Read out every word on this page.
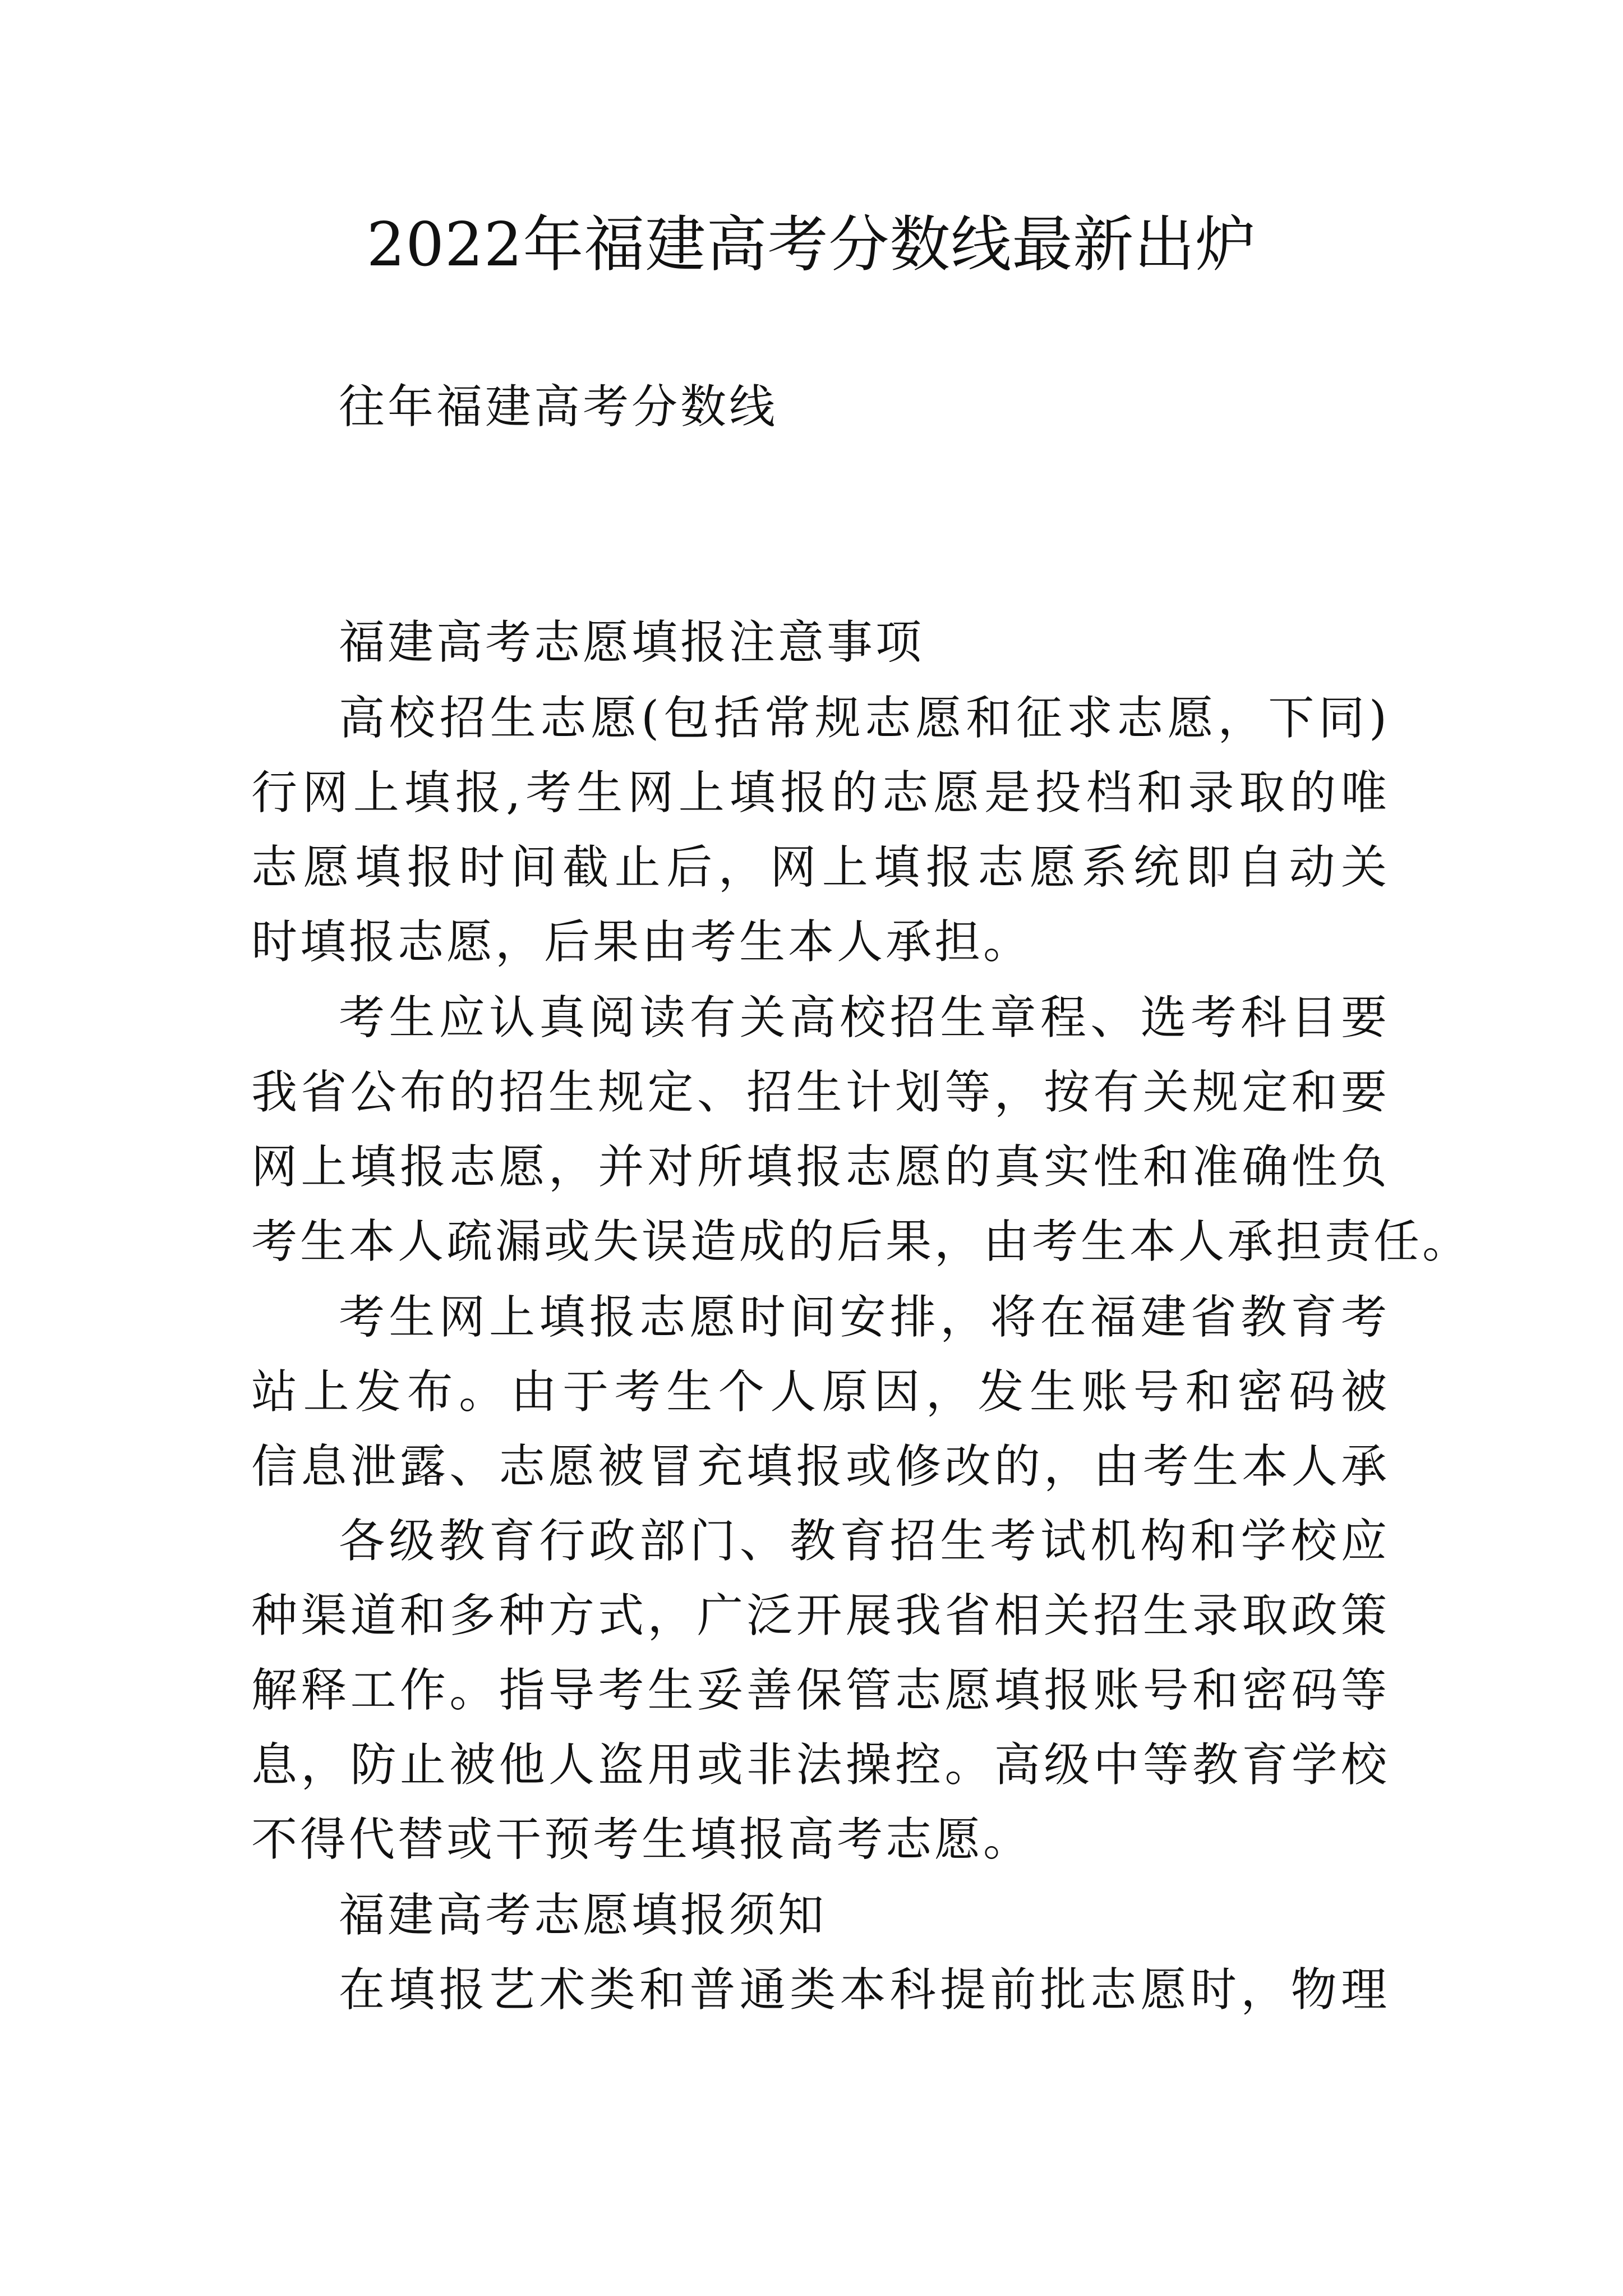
2022年福建高考分数线最新出炉

往年福建高考分数线

福建高考志愿填报注意事项

高校招生志愿(包括常规志愿和征求志愿，下同)

行网上填报,考生网上填报的志愿是投档和录取的唯

志愿填报时间截止后，网上填报志愿系统即自动关

时填报志愿，后果由考生本人承担。

考生应认真阅读有关高校招生章程、选考科目要

我省公布的招生规定、招生计划等，按有关规定和要

网上填报志愿，并对所填报志愿的真实性和准确性负

考生本人疏漏或失误造成的后果，由考生本人承担责任。

考生网上填报志愿时间安排，将在福建省教育考

站上发布。由于考生个人原因，发生账号和密码被

信息泄露、志愿被冒充填报或修改的，由考生本人承

各级教育行政部门、教育招生考试机构和学校应

种渠道和多种方式，广泛开展我省相关招生录取政策

解释工作。指导考生妥善保管志愿填报账号和密码等

息，防止被他人盗用或非法操控。高级中等教育学校

不得代替或干预考生填报高考志愿。

福建高考志愿填报须知

在填报艺术类和普通类本科提前批志愿时，物理
